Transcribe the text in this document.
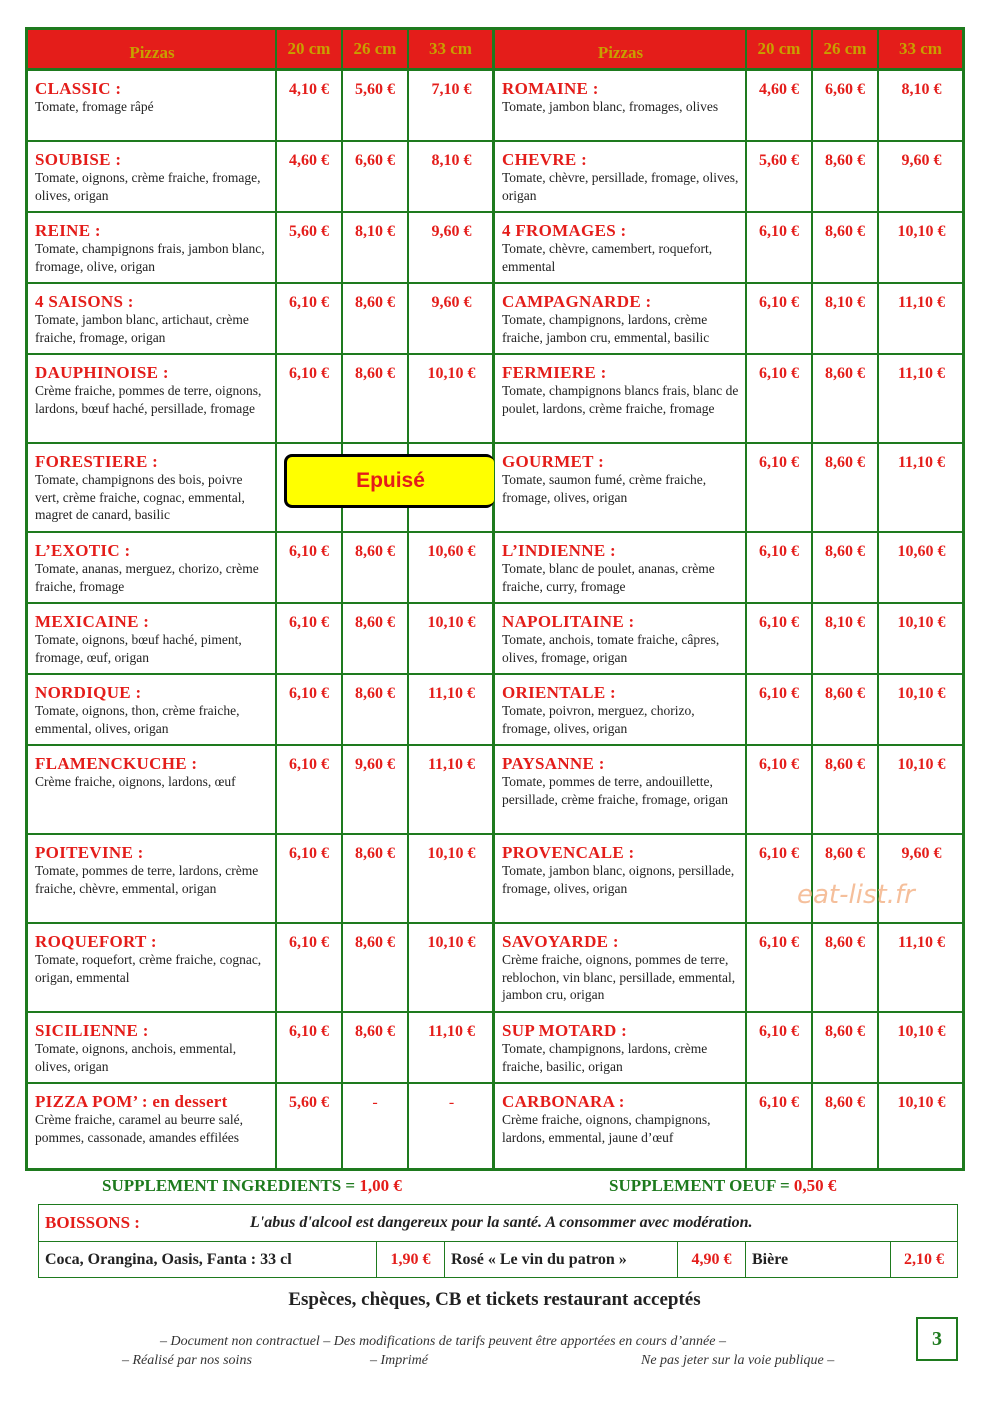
Pizzas	20 cm	26 cm	33 cm
CLASSIC :
Tomate, fromage râpé
4,10 €	5,60 €	7,10 €
SOUBISE :
Tomate, oignons, crème fraiche, fromage, olives, origan
4,60 €	6,60 €	8,10 €
REINE :
Tomate, champignons frais, jambon blanc, fromage, olive, origan
5,60 €	8,10 €	9,60 €
4 SAISONS :
Tomate, jambon blanc, artichaut, crème fraiche, fromage, origan
6,10 €	8,60 €	9,60 €
DAUPHINOISE :
Crème fraiche, pommes de terre, oignons, lardons, bœuf haché, persillade, fromage
6,10 €	8,60 €	10,10 €
FORESTIERE :
Tomate, champignons des bois, poivre vert, crème fraiche, cognac, emmental, magret de canard, basilic
Epuisé
L’EXOTIC :
Tomate, ananas, merguez, chorizo, crème fraiche, fromage
6,10 €	8,60 €	10,60 €
MEXICAINE :
Tomate, oignons, bœuf haché, piment, fromage, œuf, origan
6,10 €	8,60 €	10,10 €
NORDIQUE :
Tomate, oignons, thon, crème fraiche, emmental, olives, origan
6,10 €	8,60 €	11,10 €
FLAMENCKUCHE :
Crème fraiche, oignons, lardons, œuf
6,10 €	9,60 €	11,10 €
POITEVINE :
Tomate, pommes de terre, lardons, crème fraiche, chèvre, emmental, origan
6,10 €	8,60 €	10,10 €
ROQUEFORT :
Tomate, roquefort, crème fraiche, cognac, origan, emmental
6,10 €	8,60 €	10,10 €
SICILIENNE :
Tomate, oignons, anchois, emmental, olives, origan
6,10 €	8,60 €	11,10 €
PIZZA POM’ : en dessert
Crème fraiche, caramel au beurre salé, pommes, cassonade, amandes effilées
5,60 €	-	-
Pizzas	20 cm	26 cm	33 cm
ROMAINE :
Tomate, jambon blanc, fromages, olives
4,60 €	6,60 €	8,10 €
CHEVRE :
Tomate, chèvre, persillade, fromage, olives, origan
5,60 €	8,60 €	9,60 €
4 FROMAGES :
Tomate, chèvre, camembert, roquefort, emmental
6,10 €	8,60 €	10,10 €
CAMPAGNARDE :
Tomate, champignons, lardons, crème fraiche, jambon cru, emmental, basilic
6,10 €	8,10 €	11,10 €
FERMIERE :
Tomate, champignons blancs frais, blanc de poulet, lardons, crème fraiche, fromage
6,10 €	8,60 €	11,10 €
GOURMET :
Tomate, saumon fumé, crème fraiche, fromage, olives, origan
6,10 €	8,60 €	11,10 €
L’INDIENNE :
Tomate, blanc de poulet, ananas, crème fraiche, curry, fromage
6,10 €	8,60 €	10,60 €
NAPOLITAINE :
Tomate, anchois, tomate fraiche, câpres, olives, fromage, origan
6,10 €	8,10 €	10,10 €
ORIENTALE :
Tomate, poivron, merguez, chorizo, fromage, olives, origan
6,10 €	8,60 €	10,10 €
PAYSANNE :
Tomate, pommes de terre, andouillette, persillade, crème fraiche, fromage, origan
6,10 €	8,60 €	10,10 €
PROVENCALE :
Tomate, jambon blanc, oignons, persillade, fromage, olives, origan
6,10 €	8,60 €	9,60 €
SAVOYARDE :
Crème fraiche, oignons, pommes de terre, reblochon, vin blanc, persillade, emmental, jambon cru, origan
6,10 €	8,60 €	11,10 €
SUP MOTARD :
Tomate, champignons, lardons, crème fraiche, basilic, origan
6,10 €	8,60 €	10,10 €
CARBONARA :
Crème fraiche, oignons, champignons, lardons, emmental, jaune d’œuf
6,10 €	8,60 €	10,10 €
eat-list.fr
SUPPLEMENT INGREDIENTS = 1,00 €	SUPPLEMENT OEUF = 0,50 €
BOISSONS :	L'abus d'alcool est dangereux pour la santé. A consommer avec modération.
Coca, Orangina, Oasis, Fanta : 33 cl	1,90 €	Rosé « Le vin du patron »	4,90 €	Bière	2,10 €
Espèces, chèques, CB et tickets restaurant acceptés
– Document non contractuel – Des modifications de tarifs peuvent être apportées en cours d’année –
– Réalisé par nos soins	– Imprimé	Ne pas jeter sur la voie publique –
3
